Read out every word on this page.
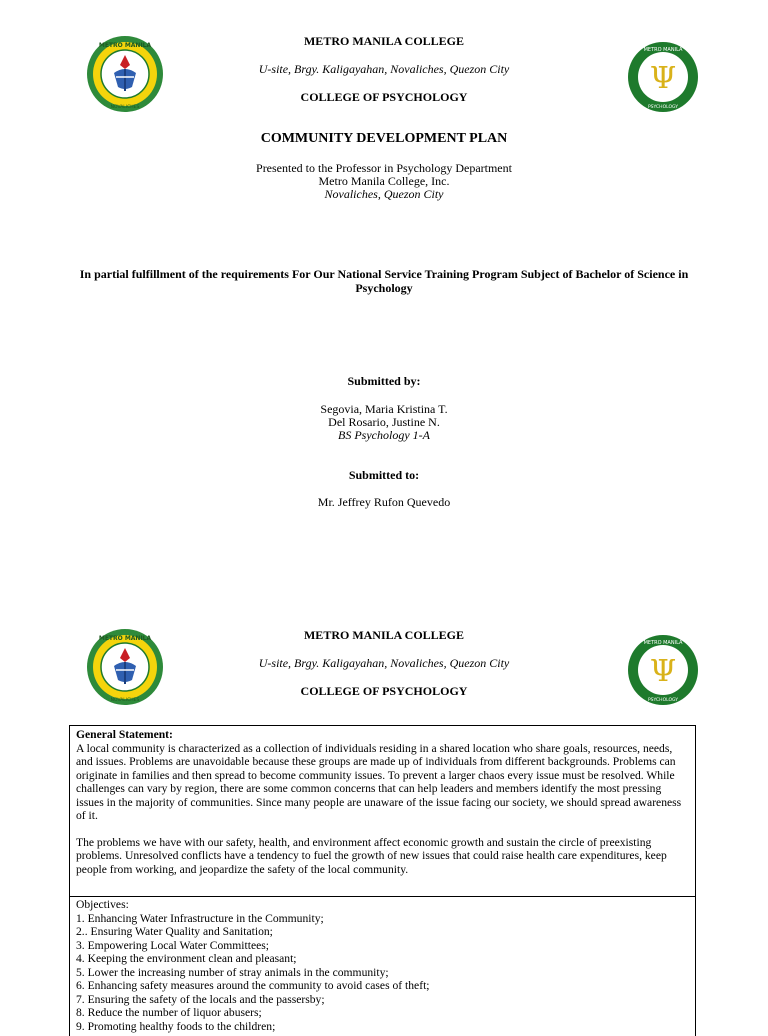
METRO MANILA
NOVALICHES
Ψ
METRO MANILA
PSYCHOLOGY
METRO MANILA COLLEGE
U-site, Brgy. Kaligayahan, Novaliches, Quezon City
COLLEGE OF PSYCHOLOGY
COMMUNITY DEVELOPMENT PLAN
Presented to the Professor in Psychology Department
Metro Manila College, Inc.
Novaliches, Quezon City
In partial fulfillment of the requirements For Our National Service Training Program Subject of Bachelor of Science in
Psychology
Submitted by:
Segovia, Maria Kristina T.
Del Rosario, Justine N.
BS Psychology 1-A
Submitted to:
Mr. Jeffrey Rufon Quevedo
METRO MANILA
NOVALICHES
Ψ
METRO MANILA
PSYCHOLOGY
METRO MANILA COLLEGE
U-site, Brgy. Kaligayahan, Novaliches, Quezon City
COLLEGE OF PSYCHOLOGY

General Statement:

A local community is characterized as a collection of individuals residing in a shared location who share goals, resources, needs, and issues. Problems are unavoidable because these groups are made up of individuals from different backgrounds. Problems can originate in families and then spread to become community issues. To prevent a larger chaos every issue must be resolved. While challenges can vary by region, there are some common concerns that can help leaders and members identify the most pressing issues in the majority of communities. Since many people are unaware of the issue facing our society, we should spread awareness of it.

The problems we have with our safety, health, and environment affect economic growth and sustain the circle of preexisting problems. Unresolved conflicts have a tendency to fuel the growth of new issues that could raise health care expenditures, keep people from working, and jeopardize the safety of the local community.

Objectives:

1. Enhancing Water Infrastructure in the Community;

2.. Ensuring Water Quality and Sanitation;

3. Empowering Local Water Committees;

4. Keeping the environment clean and pleasant;

5. Lower the increasing number of stray animals in the community;

6. Enhancing safety measures around the community to avoid cases of theft;

7. Ensuring the safety of the locals and the passersby;

8. Reduce the number of liquor abusers;

9. Promoting healthy foods to the children;
